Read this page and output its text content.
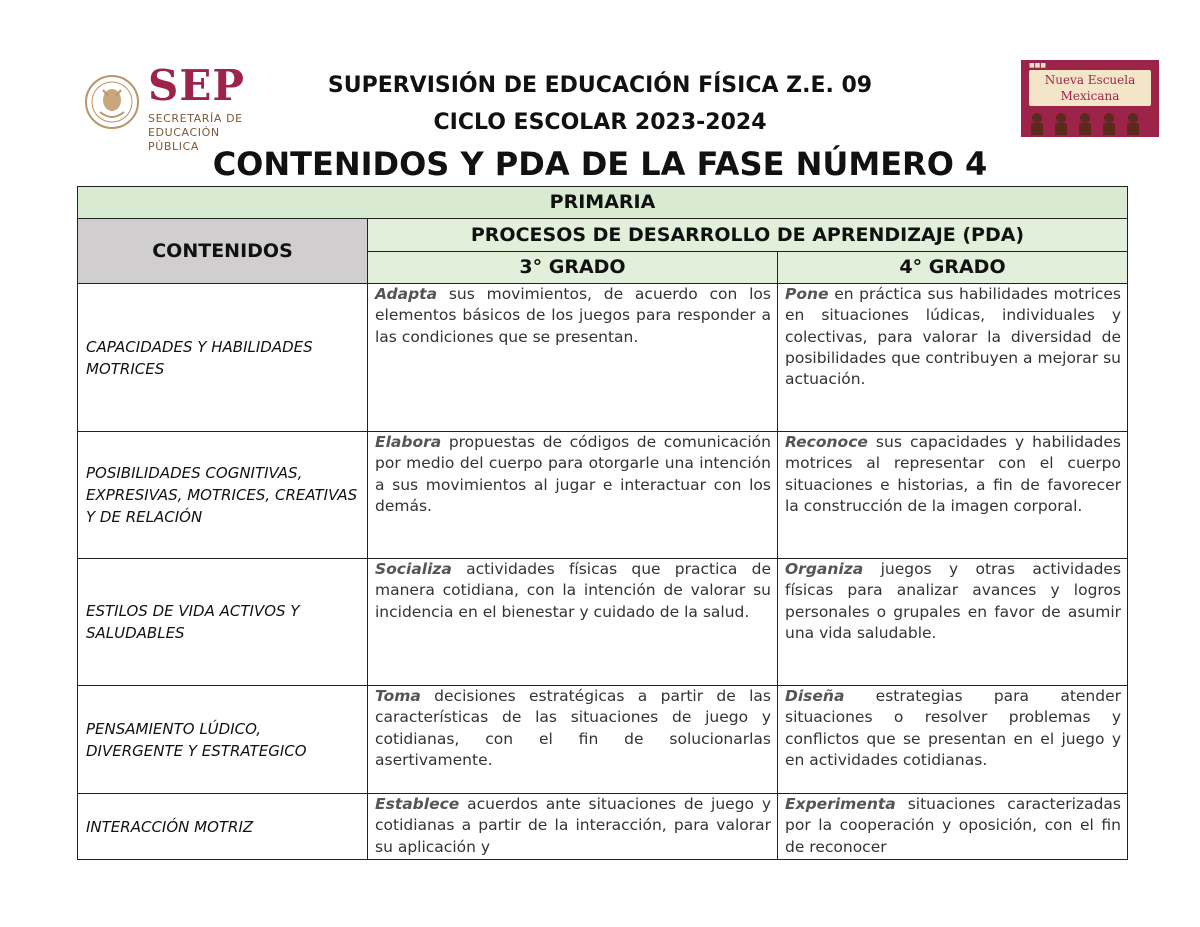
SEP
SECRETARÍA DE
EDUCACIÓN PÚBLICA
SUPERVISIÓN DE EDUCACIÓN FÍSICA Z.E. 09
CICLO ESCOLAR 2023-2024
CONTENIDOS Y PDA DE LA FASE NÚMERO 4
■■■
Nueva Escuela
Mexicana
PRIMARIA		
CONTENIDOS	PROCESOS DE DESARROLLO DE APRENDIZAJE (PDA)	
	3° GRADO	4° GRADO

CAPACIDADES Y HABILIDADES MOTRICES	Adapta sus movimientos, de acuerdo con los elementos básicos de los juegos para responder a las condiciones que se presentan.	Pone en práctica sus habilidades motrices en situaciones lúdicas, individuales y colectivas, para valorar la diversidad de posibilidades que contribuyen a mejorar su actuación.

POSIBILIDADES COGNITIVAS, EXPRESIVAS, MOTRICES, CREATIVAS Y DE RELACIÓN	Elabora propuestas de códigos de comunicación por medio del cuerpo para otorgarle una intención a sus movimientos al jugar e interactuar con los demás.	Reconoce sus capacidades y habilidades motrices al representar con el cuerpo situaciones e historias, a fin de favorecer la construcción de la imagen corporal.

ESTILOS DE VIDA ACTIVOS Y SALUDABLES	Socializa actividades físicas que practica de manera cotidiana, con la intención de valorar su incidencia en el bienestar y cuidado de la salud.	Organiza juegos y otras actividades físicas para analizar avances y logros personales o grupales en favor de asumir una vida saludable.

PENSAMIENTO LÚDICO, DIVERGENTE Y ESTRATEGICO	Toma decisiones estratégicas a partir de las características de las situaciones de juego y cotidianas, con el fin de solucionarlas asertivamente.	Diseña estrategias para atender situaciones o resolver problemas y conflictos que se presentan en el juego y en actividades cotidianas.

INTERACCIÓN MOTRIZ	Establece acuerdos ante situaciones de juego y cotidianas a partir de la interacción, para valorar su aplicación y	Experimenta situaciones caracterizadas por la cooperación y oposición, con el fin de reconocer
